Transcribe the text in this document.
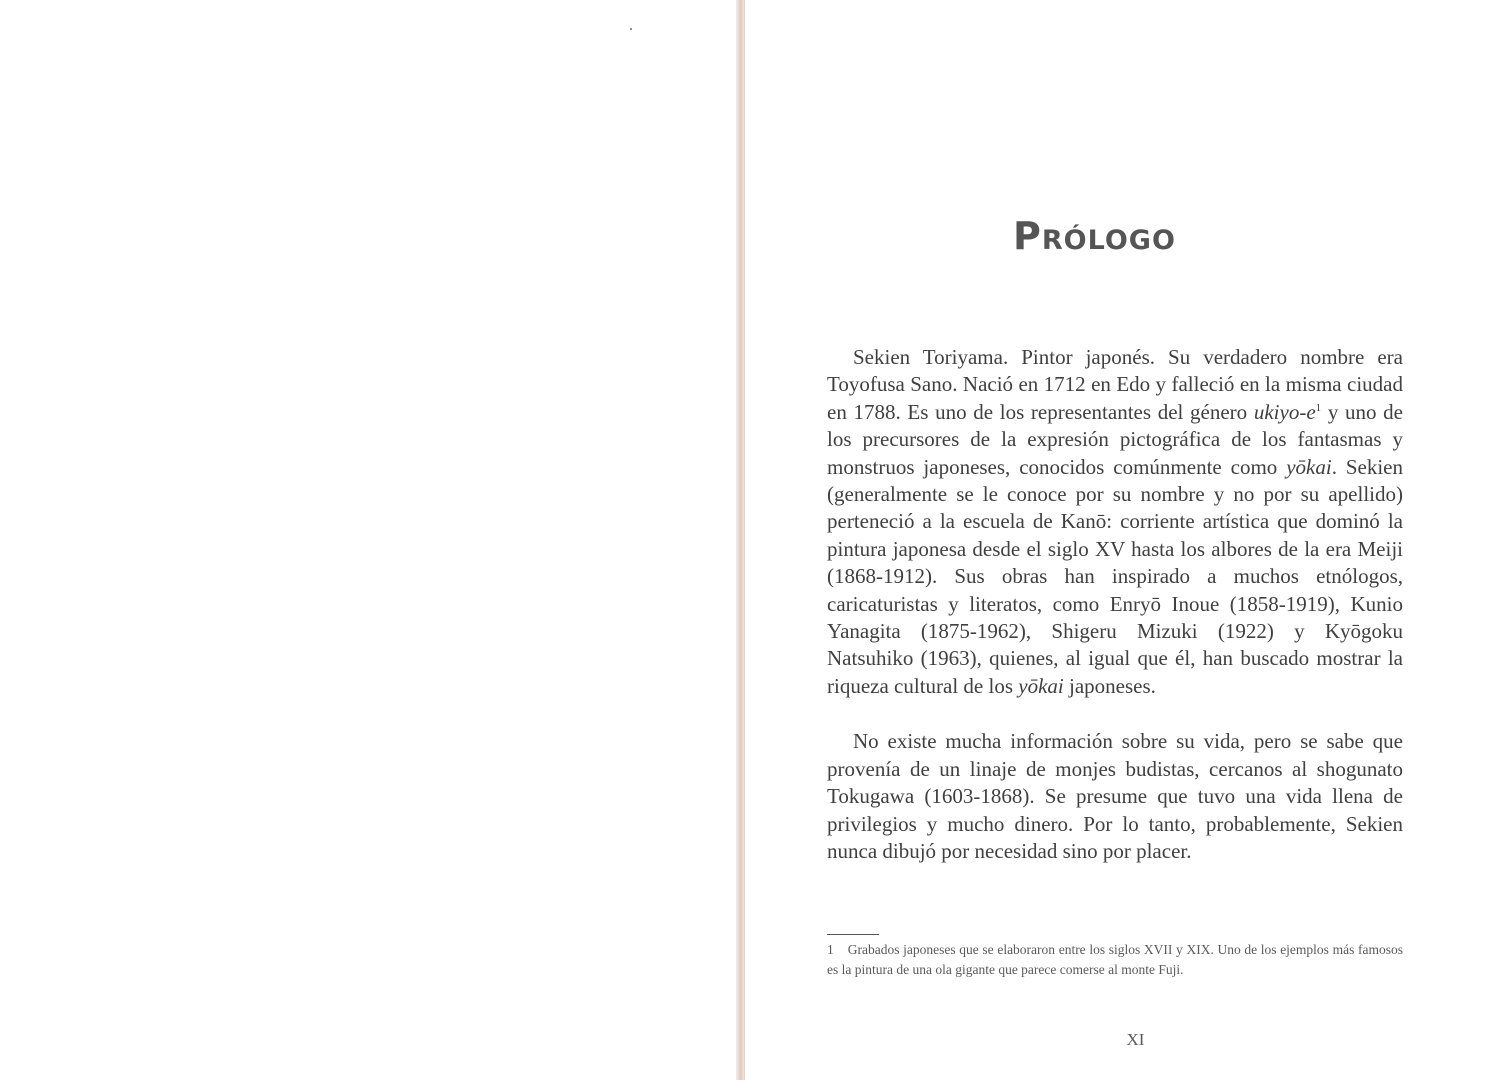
Prólogo

Sekien Toriyama. Pintor japonés. Su verdadero nombre era Toyofusa Sano. Nació en 1712 en Edo y falleció en la misma ciudad en 1788. Es uno de los representantes del género ukiyo-$e^1$ y uno de los precursores de la expresión pictográfica de los fantasmas y monstruos japoneses, conocidos comúnmente como yōkai. Sekien (generalmente se le conoce por su nombre y no por su apellido) perteneció a la escuela de Kanō: corriente artística que dominó la pintura japonesa desde el siglo XV hasta los albores de la era Meiji (1868-1912). Sus obras han inspirado a muchos etnólogos, caricaturistas y literatos, como Enryō Inoue (1858-1919), Kunio Yanagita (1875-1962), Shigeru Mizuki (1922) y Kyōgoku Natsuhiko (1963), quienes, al igual que él, han buscado mostrar la riqueza cultural de los yōkai japoneses.

No existe mucha información sobre su vida, pero se sabe que provenía de un linaje de monjes budistas, cercanos al shogunato Tokugawa (1603-1868). Se presume que tuvo una vida llena de privilegios y mucho dinero. Por lo tanto, probablemente, Sekien nunca dibujó por necesidad sino por placer.

1 Grabados japoneses que se elaboraron entre los siglos XVII y XIX. Uno de los ejemplos más famosos es la pintura de una ola gigante que parece comerse al monte Fuji.

XI
